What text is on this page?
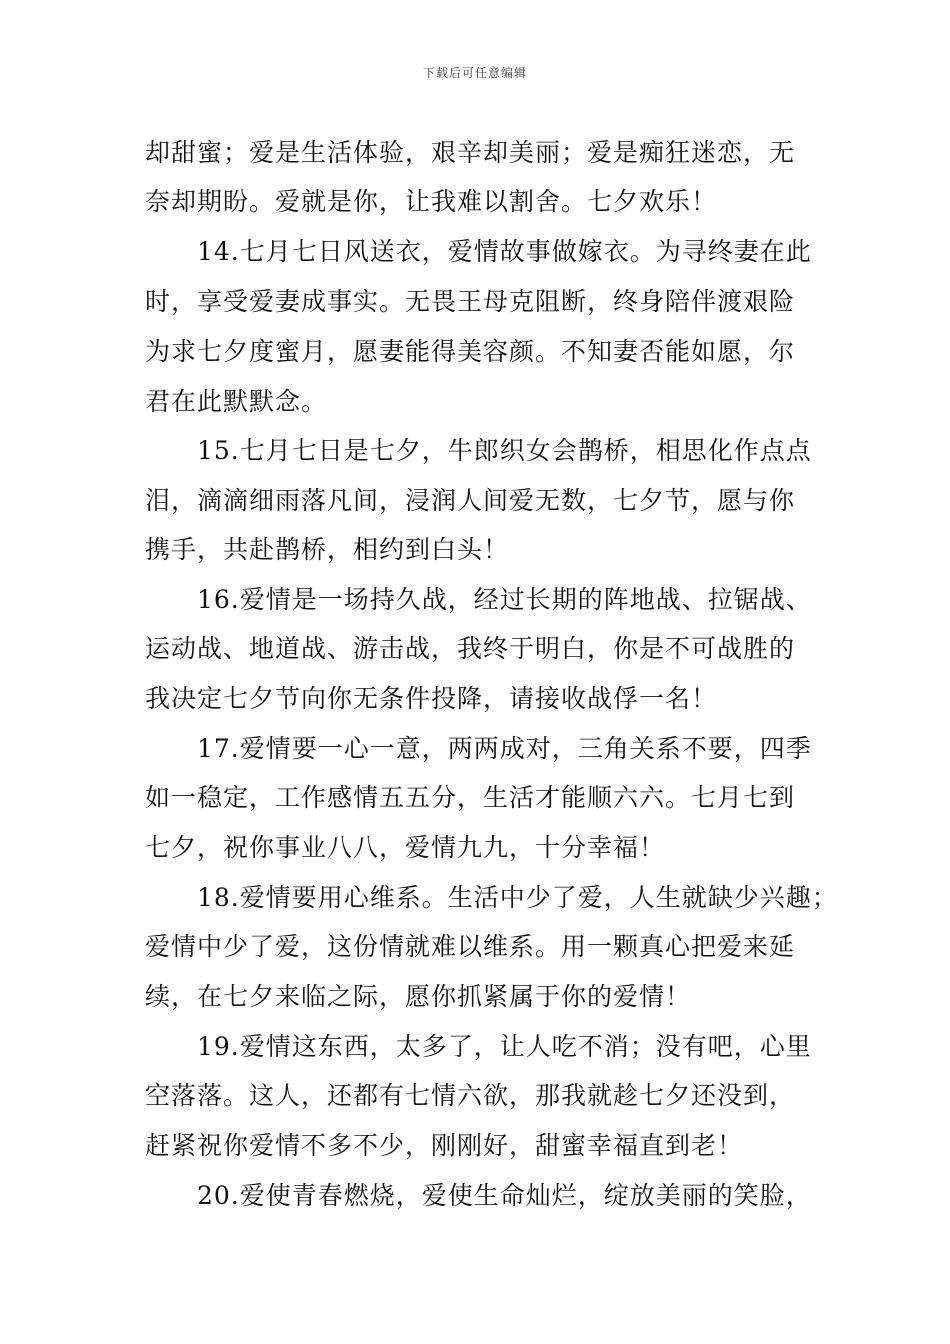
下载后可任意编辑
却甜蜜；爱是生活体验，艰辛却美丽；爱是痴狂迷恋，无
奈却期盼。爱就是你，让我难以割舍。七夕欢乐！
14.七月七日风送衣，爱情故事做嫁衣。为寻终妻在此
时，享受爱妻成事实。无畏王母克阻断，终身陪伴渡艰险
为求七夕度蜜月，愿妻能得美容颜。不知妻否能如愿，尔
君在此默默念。
15.七月七日是七夕，牛郎织女会鹊桥，相思化作点点
泪，滴滴细雨落凡间，浸润人间爱无数，七夕节，愿与你
携手，共赴鹊桥，相约到白头！
16.爱情是一场持久战，经过长期的阵地战、拉锯战、
运动战、地道战、游击战，我终于明白，你是不可战胜的
我决定七夕节向你无条件投降，请接收战俘一名！
17.爱情要一心一意，两两成对，三角关系不要，四季
如一稳定，工作感情五五分，生活才能顺六六。七月七到
七夕，祝你事业八八，爱情九九，十分幸福！
18.爱情要用心维系。生活中少了爱，人生就缺少兴趣；
爱情中少了爱，这份情就难以维系。用一颗真心把爱来延
续，在七夕来临之际，愿你抓紧属于你的爱情！
19.爱情这东西，太多了，让人吃不消；没有吧，心里
空落落。这人，还都有七情六欲，那我就趁七夕还没到，
赶紧祝你爱情不多不少，刚刚好，甜蜜幸福直到老！
20.爱使青春燃烧，爱使生命灿烂，绽放美丽的笑脸，
